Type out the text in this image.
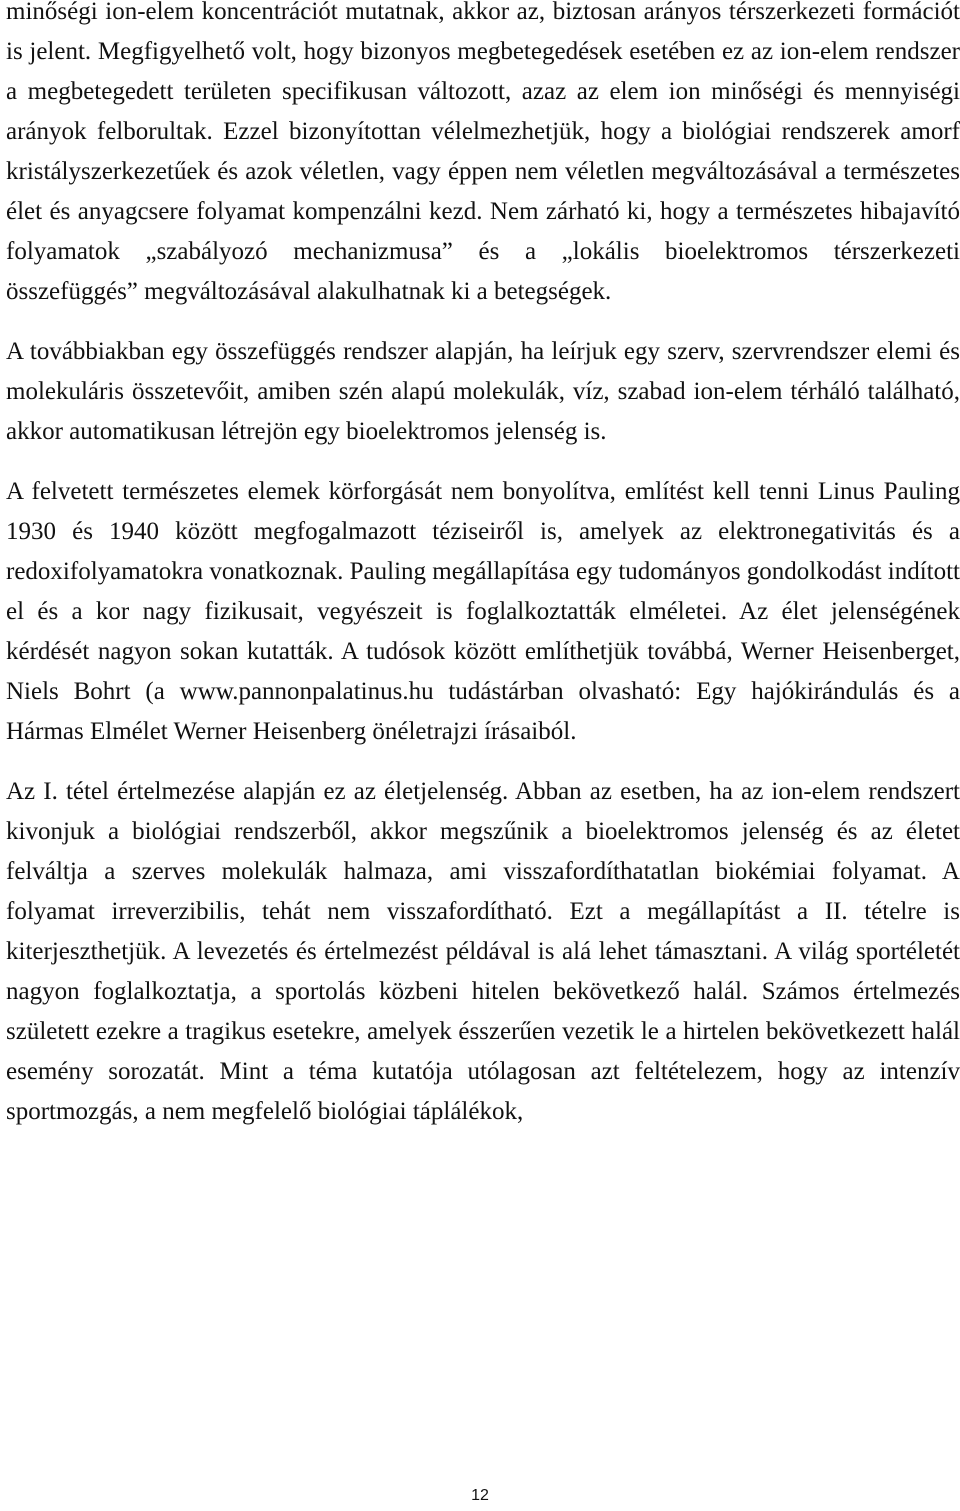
minőségi ion-elem koncentrációt mutatnak, akkor az, biztosan arányos térszerkezeti formációt is jelent. Megfigyelhető volt, hogy bizonyos megbetegedések esetében ez az ion-elem rendszer a megbetegedett területen specifikusan változott, azaz az elem ion minőségi és mennyiségi arányok felborultak. Ezzel bizonyítottan vélelmezhetjük, hogy a biológiai rendszerek amorf kristályszerkezetűek és azok véletlen, vagy éppen nem véletlen megváltozásával a természetes élet és anyagcsere folyamat kompenzálni kezd. Nem zárható ki, hogy a természetes hibajavító folyamatok „szabályozó mechanizmusa” és a „lokális bioelektromos térszerkezeti összefüggés” megváltozásával alakulhatnak ki a betegségek.

A továbbiakban egy összefüggés rendszer alapján, ha leírjuk egy szerv, szervrendszer elemi és molekuláris összetevőit, amiben szén alapú molekulák, víz, szabad ion-elem térháló található, akkor automatikusan létrejön egy bioelektromos jelenség is.

A felvetett természetes elemek körforgását nem bonyolítva, említést kell tenni Linus Pauling 1930 és 1940 között megfogalmazott téziseiről is, amelyek az elektronegativitás és a redoxifolyamatokra vonatkoznak. Pauling megállapítása egy tudományos gondolkodást indított el és a kor nagy fizikusait, vegyészeit is foglalkoztatták elméletei. Az élet jelenségének kérdését nagyon sokan kutatták. A tudósok között említhetjük továbbá, Werner Heisenberget, Niels Bohrt (a www.pannonpalatinus.hu tudástárban olvasható: Egy hajókirándulás és a Hármas Elmélet Werner Heisenberg önéletrajzi írásaiból.

Az I. tétel értelmezése alapján ez az életjelenség. Abban az esetben, ha az ion-elem rendszert kivonjuk a biológiai rendszerből, akkor megszűnik a bioelektromos jelenség és az életet felváltja a szerves molekulák halmaza, ami visszafordíthatatlan biokémiai folyamat. A folyamat irreverzibilis, tehát nem visszafordítható. Ezt a megállapítást a II. tételre is kiterjeszthetjük. A levezetés és értelmezést példával is alá lehet támasztani. A világ sportéletét nagyon foglalkoztatja, a sportolás közbeni hitelen bekövetkező halál. Számos értelmezés született ezekre a tragikus esetekre, amelyek ésszerűen vezetik le a hirtelen bekövetkezett halál esemény sorozatát. Mint a téma kutatója utólagosan azt feltételezem, hogy az intenzív sportmozgás, a nem megfelelő biológiai táplálékok,

12
